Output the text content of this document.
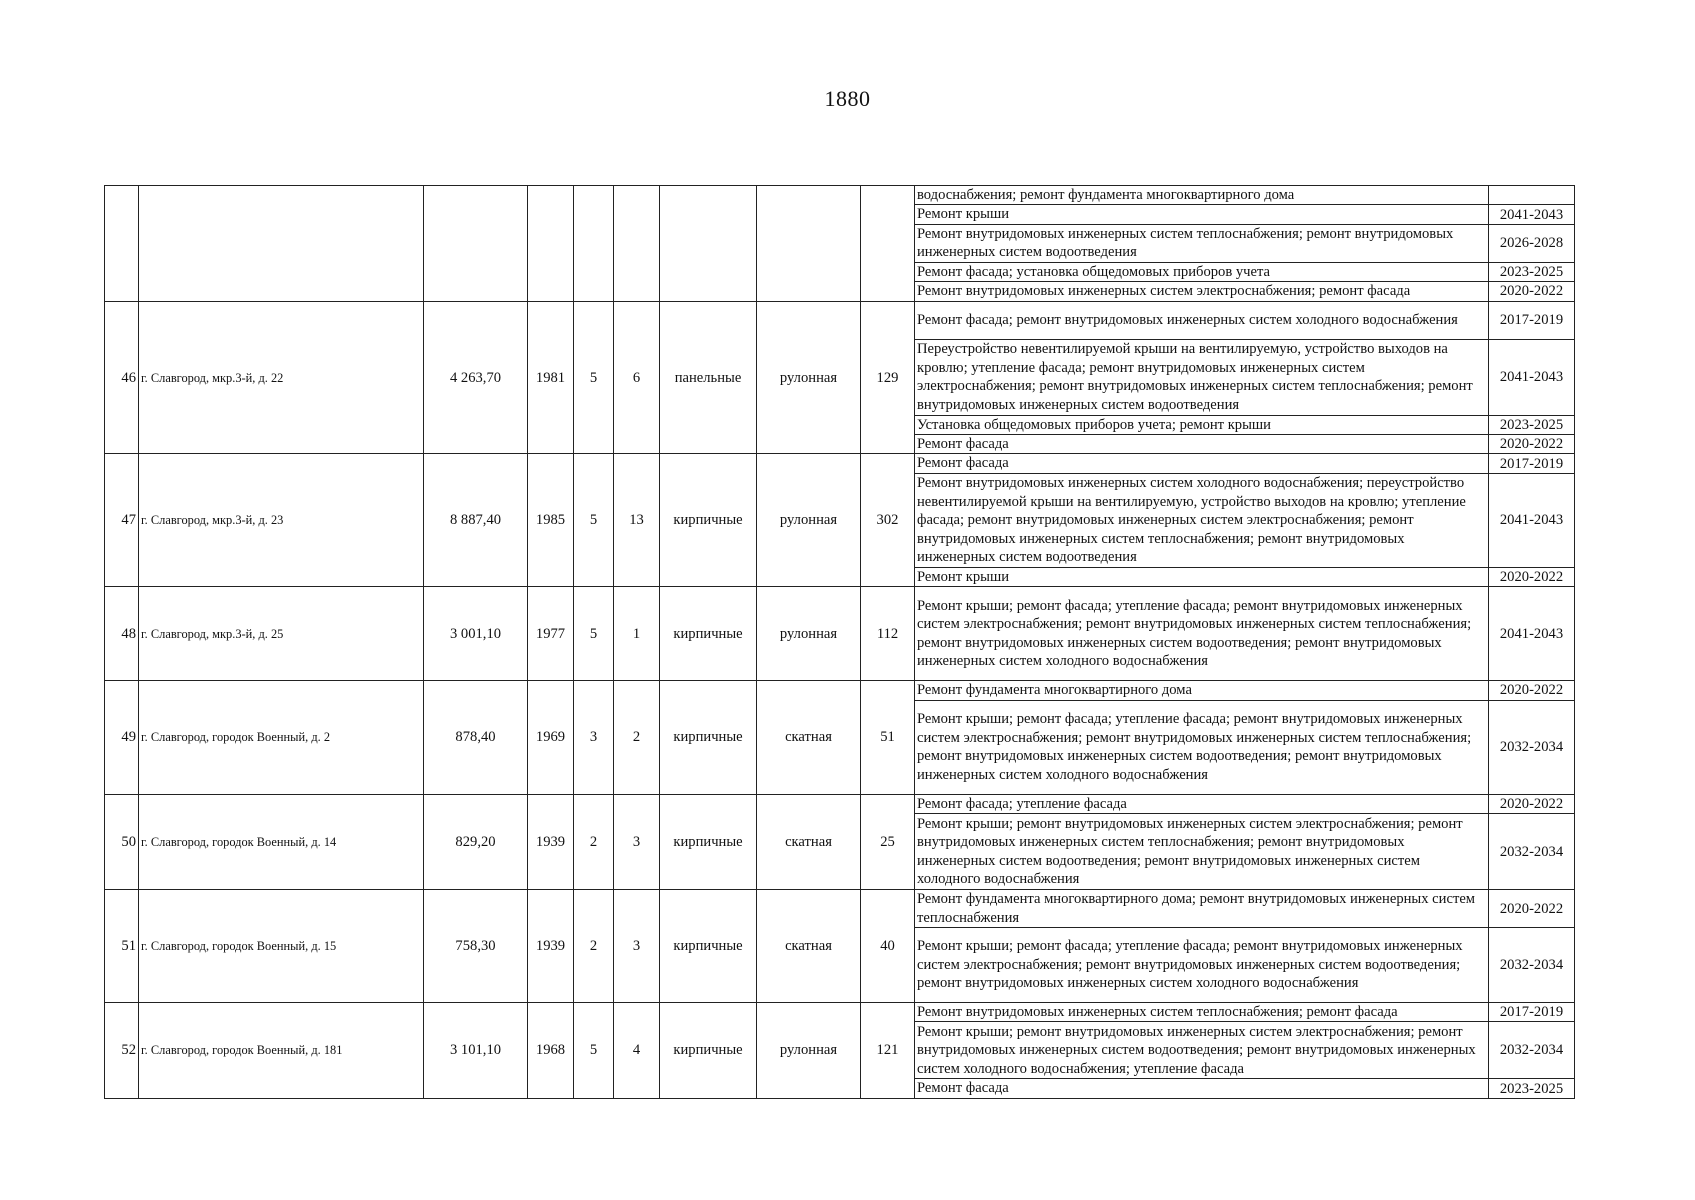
1880
									водоснабжения; ремонт фундамента многоквартирного дома	
									Ремонт крыши	2041-2043
									Ремонт внутридомовых инженерных систем теплоснабжения; ремонт внутридомовых инженерных систем водоотведения	2026-2028
									Ремонт фасада; установка общедомовых приборов учета	2023-2025
									Ремонт внутридомовых инженерных систем электроснабжения; ремонт фасада	2020-2022
46	г. Славгород, мкр.3-й, д. 22	4 263,70	1981	5	6	панельные	рулонная	129	Ремонт фасада; ремонт внутридомовых инженерных систем холодного водоснабжения	2017-2019
									Переустройство невентилируемой крыши на вентилируемую, устройство выходов на кровлю; утепление фасада; ремонт внутридомовых инженерных систем электроснабжения; ремонт внутридомовых инженерных систем теплоснабжения; ремонт внутридомовых инженерных систем водоотведения	2041-2043
									Установка общедомовых приборов учета; ремонт крыши	2023-2025
									Ремонт фасада	2020-2022
47	г. Славгород, мкр.3-й, д. 23	8 887,40	1985	5	13	кирпичные	рулонная	302	Ремонт фасада	2017-2019
									Ремонт внутридомовых инженерных систем холодного водоснабжения; переустройство невентилируемой крыши на вентилируемую, устройство выходов на кровлю; утепление фасада; ремонт внутридомовых инженерных систем электроснабжения; ремонт внутридомовых инженерных систем теплоснабжения; ремонт внутридомовых инженерных систем водоотведения	2041-2043
									Ремонт крыши	2020-2022
48	г. Славгород, мкр.3-й, д. 25	3 001,10	1977	5	1	кирпичные	рулонная	112	Ремонт крыши; ремонт фасада; утепление фасада; ремонт внутридомовых инженерных систем электроснабжения; ремонт внутридомовых инженерных систем теплоснабжения; ремонт внутридомовых инженерных систем водоотведения; ремонт внутридомовых инженерных систем холодного водоснабжения	2041-2043
49	г. Славгород, городок Военный, д. 2	878,40	1969	3	2	кирпичные	скатная	51	Ремонт фундамента многоквартирного дома	2020-2022
									Ремонт крыши; ремонт фасада; утепление фасада; ремонт внутридомовых инженерных систем электроснабжения; ремонт внутридомовых инженерных систем теплоснабжения; ремонт внутридомовых инженерных систем водоотведения; ремонт внутридомовых инженерных систем холодного водоснабжения	2032-2034
50	г. Славгород, городок Военный, д. 14	829,20	1939	2	3	кирпичные	скатная	25	Ремонт фасада; утепление фасада	2020-2022
									Ремонт крыши; ремонт внутридомовых инженерных систем электроснабжения; ремонт внутридомовых инженерных систем теплоснабжения; ремонт внутридомовых инженерных систем водоотведения; ремонт внутридомовых инженерных систем холодного водоснабжения	2032-2034
51	г. Славгород, городок Военный, д. 15	758,30	1939	2	3	кирпичные	скатная	40	Ремонт фундамента многоквартирного дома; ремонт внутридомовых инженерных систем теплоснабжения	2020-2022
									Ремонт крыши; ремонт фасада; утепление фасада; ремонт внутридомовых инженерных систем электроснабжения; ремонт внутридомовых инженерных систем водоотведения; ремонт внутридомовых инженерных систем холодного водоснабжения	2032-2034
52	г. Славгород, городок Военный, д. 181	3 101,10	1968	5	4	кирпичные	рулонная	121	Ремонт внутридомовых инженерных систем теплоснабжения; ремонт фасада	2017-2019
									Ремонт крыши; ремонт внутридомовых инженерных систем электроснабжения; ремонт внутридомовых инженерных систем водоотведения; ремонт внутридомовых инженерных систем холодного водоснабжения; утепление фасада	2032-2034
									Ремонт фасада	2023-2025
